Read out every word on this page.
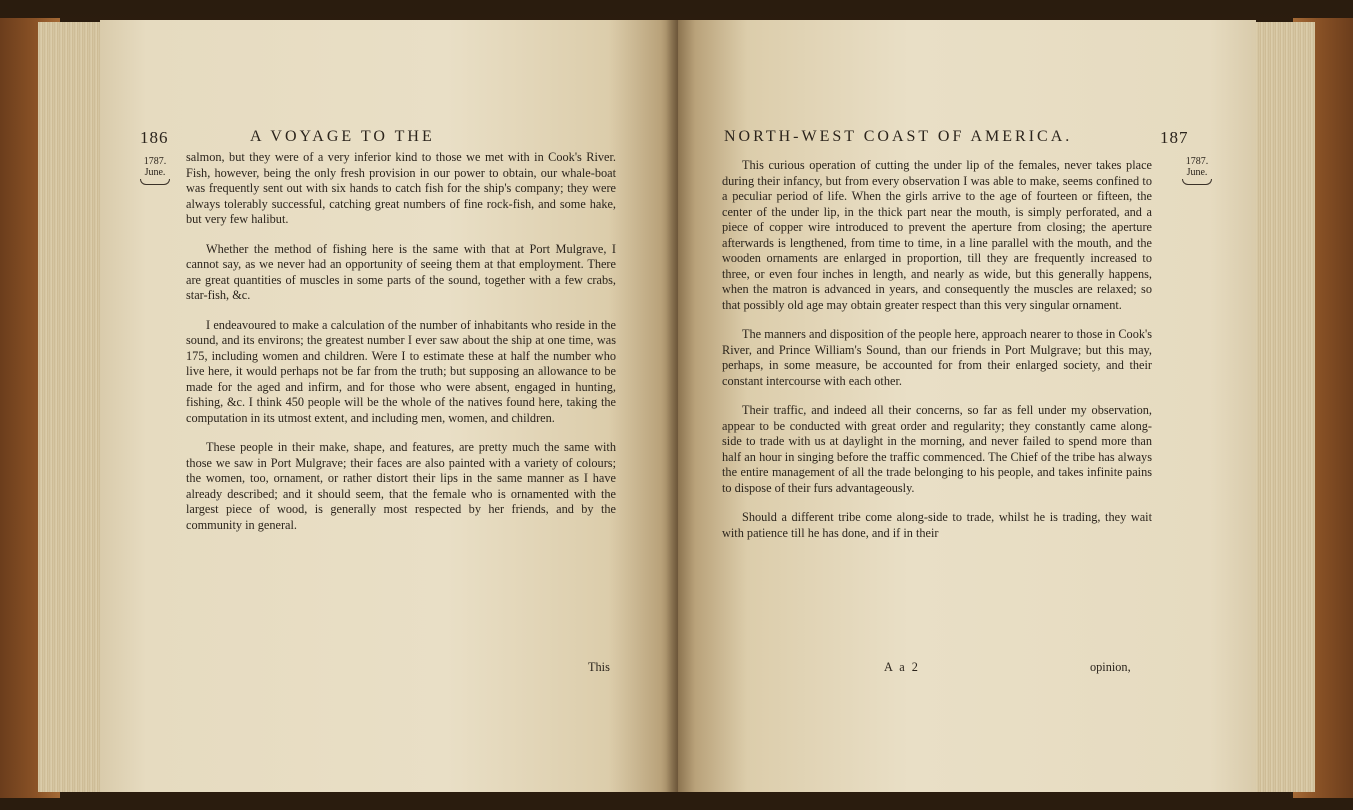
186	A VOYAGE TO THE
1787.
June.

salmon, but they were of a very inferior kind to those we met with in Cook's River. Fish, however, being the only fresh provision in our power to obtain, our whale-boat was frequently sent out with six hands to catch fish for the ship's company; they were always tolerably successful, catching great numbers of fine rock-fish, and some hake, but very few halibut.

Whether the method of fishing here is the same with that at Port Mulgrave, I cannot say, as we never had an opportunity of seeing them at that employment. There are great quantities of muscles in some parts of the sound, together with a few crabs, star-fish, &c.

I endeavoured to make a calculation of the number of inhabitants who reside in the sound, and its environs; the greatest number I ever saw about the ship at one time, was 175, including women and children. Were I to estimate these at half the number who live here, it would perhaps not be far from the truth; but supposing an allowance to be made for the aged and infirm, and for those who were absent, engaged in hunting, fishing, &c. I think 450 people will be the whole of the natives found here, taking the computation in its utmost extent, and including men, women, and children.

These people in their make, shape, and features, are pretty much the same with those we saw in Port Mulgrave; their faces are also painted with a variety of colours; the women, too, ornament, or rather distort their lips in the same manner as I have already described; and it should seem, that the female who is ornamented with the largest piece of wood, is generally most respected by her friends, and by the community in general.

This
NORTH-WEST COAST OF AMERICA.	187
1787.
June.

This curious operation of cutting the under lip of the females, never takes place during their infancy, but from every observation I was able to make, seems confined to a peculiar period of life. When the girls arrive to the age of fourteen or fifteen, the center of the under lip, in the thick part near the mouth, is simply perforated, and a piece of copper wire introduced to prevent the aperture from closing; the aperture afterwards is lengthened, from time to time, in a line parallel with the mouth, and the wooden ornaments are enlarged in proportion, till they are frequently increased to three, or even four inches in length, and nearly as wide, but this generally happens, when the matron is advanced in years, and consequently the muscles are relaxed; so that possibly old age may obtain greater respect than this very singular ornament.

The manners and disposition of the people here, approach nearer to those in Cook's River, and Prince William's Sound, than our friends in Port Mulgrave; but this may, perhaps, in some measure, be accounted for from their enlarged society, and their constant intercourse with each other.

Their traffic, and indeed all their concerns, so far as fell under my observation, appear to be conducted with great order and regularity; they constantly came along-side to trade with us at daylight in the morning, and never failed to spend more than half an hour in singing before the traffic commenced. The Chief of the tribe has always the entire management of all the trade belonging to his people, and takes infinite pains to dispose of their furs advantageously.

Should a different tribe come along-side to trade, whilst he is trading, they wait with patience till he has done, and if in their

A a 2	opinion,
